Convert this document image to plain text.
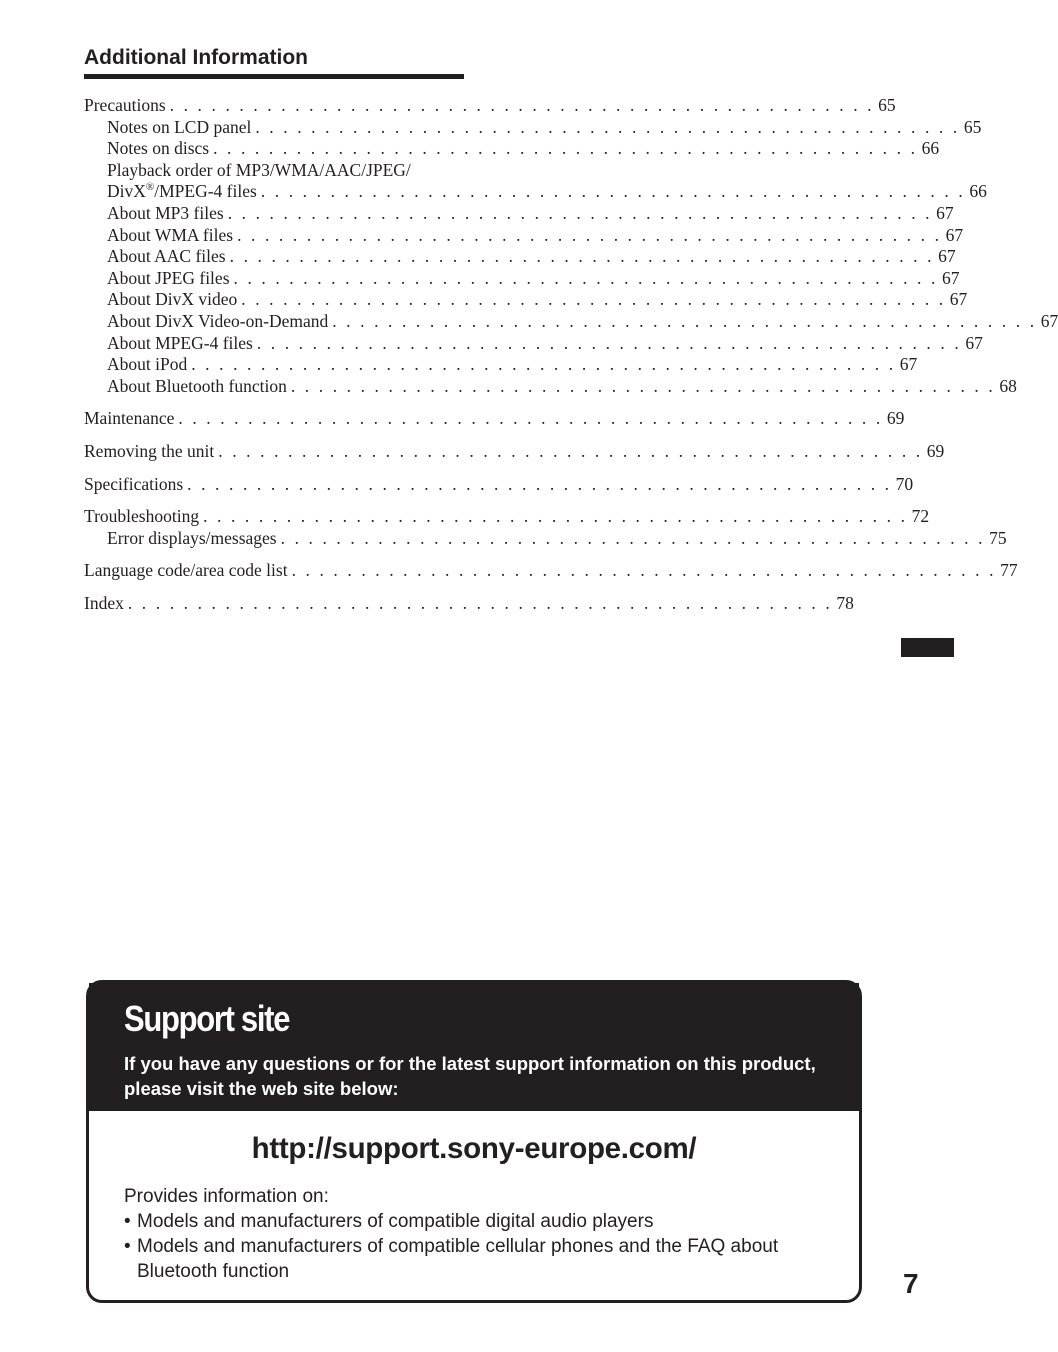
Additional Information
Precautions . . . . . . . . . . . . . . . . . . . . . . . . . . . . . . . . . . . . . . . . . . . . . . . . . . . 65
Notes on LCD panel . . . . . . . . . . . . . . . . . . . . . . . . . . . . . . . . . . . . . . . . . . . . . . . . . . . 65
Notes on discs . . . . . . . . . . . . . . . . . . . . . . . . . . . . . . . . . . . . . . . . . . . . . . . . . . . 66
Playback order of MP3/WMA/AAC/JPEG/
DivX®/MPEG-4 files . . . . . . . . . . . . . . . . . . . . . . . . . . . . . . . . . . . . . . . . . . . . . . . . . . . 66
About MP3 files . . . . . . . . . . . . . . . . . . . . . . . . . . . . . . . . . . . . . . . . . . . . . . . . . . . 67
About WMA files . . . . . . . . . . . . . . . . . . . . . . . . . . . . . . . . . . . . . . . . . . . . . . . . . . . 67
About AAC files . . . . . . . . . . . . . . . . . . . . . . . . . . . . . . . . . . . . . . . . . . . . . . . . . . . 67
About JPEG files . . . . . . . . . . . . . . . . . . . . . . . . . . . . . . . . . . . . . . . . . . . . . . . . . . . 67
About DivX video . . . . . . . . . . . . . . . . . . . . . . . . . . . . . . . . . . . . . . . . . . . . . . . . . . . 67
About DivX Video-on-Demand . . . . . . . . . . . . . . . . . . . . . . . . . . . . . . . . . . . . . . . . . . . . . . . . . . . 67
About MPEG-4 files . . . . . . . . . . . . . . . . . . . . . . . . . . . . . . . . . . . . . . . . . . . . . . . . . . . 67
About iPod . . . . . . . . . . . . . . . . . . . . . . . . . . . . . . . . . . . . . . . . . . . . . . . . . . . 67
About Bluetooth function . . . . . . . . . . . . . . . . . . . . . . . . . . . . . . . . . . . . . . . . . . . . . . . . . . . 68
Maintenance . . . . . . . . . . . . . . . . . . . . . . . . . . . . . . . . . . . . . . . . . . . . . . . . . . . 69
Removing the unit . . . . . . . . . . . . . . . . . . . . . . . . . . . . . . . . . . . . . . . . . . . . . . . . . . . 69
Specifications . . . . . . . . . . . . . . . . . . . . . . . . . . . . . . . . . . . . . . . . . . . . . . . . . . . 70
Troubleshooting . . . . . . . . . . . . . . . . . . . . . . . . . . . . . . . . . . . . . . . . . . . . . . . . . . . 72
Error displays/messages . . . . . . . . . . . . . . . . . . . . . . . . . . . . . . . . . . . . . . . . . . . . . . . . . . . 75
Language code/area code list . . . . . . . . . . . . . . . . . . . . . . . . . . . . . . . . . . . . . . . . . . . . . . . . . . . 77
Index . . . . . . . . . . . . . . . . . . . . . . . . . . . . . . . . . . . . . . . . . . . . . . . . . . . 78
Support site

If you have any questions or for the latest support information on this product, please visit the web site below:

http://support.sony-europe.com/

Provides information on:

• Models and manufacturers of compatible digital audio players
• Models and manufacturers of compatible cellular phones and the FAQ about Bluetooth function	7
